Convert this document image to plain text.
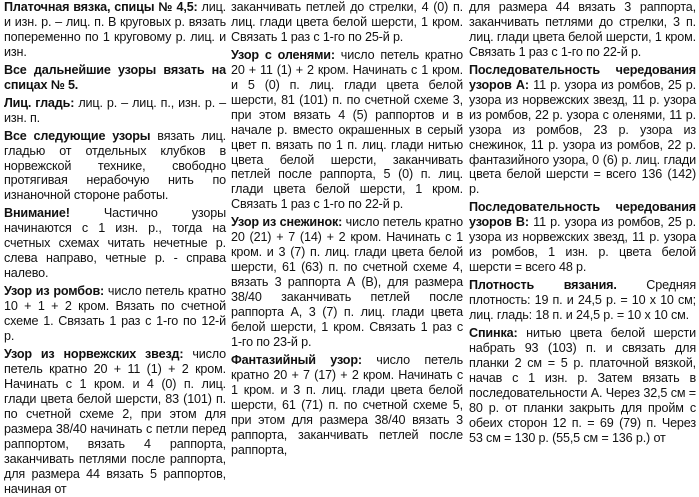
Платочная вязка, спицы № 4,5: лиц. и изн. р. – лиц. п. В круговых р. вязать попеременно по 1 круговому р. лиц. и изн.
Все дальнейшие узоры вязать на спицах № 5.
Лиц. гладь: лиц. р. – лиц. п., изн. р. – изн. п.
Все следующие узоры вязать лиц. гладью от отдельных клубков в норвежской технике, свободно протягивая нерабочую нить по изнаночной стороне работы.
Внимание! Частично узоры начинаются с 1 изн. р., тогда на счетных схемах читать нечетные р. слева направо, четные р. - справа налево.
Узор из ромбов: число петель кратно 10 + 1 + 2 кром. Вязать по счетной схеме 1. Связать 1 раз с 1-го по 12-й р.
Узор из норвежских звезд: число петель кратно 20 + 11 (1) + 2 кром. Начинать с 1 кром. и 4 (0) п. лиц. глади цвета белой шерсти, 83 (101) п. по счетной схеме 2, при этом для размера 38/40 начинать с петли перед раппортом, вязать 4 раппорта, заканчивать петлями после раппорта, для размера 44 вязать 5 раппортов, начиная от
заканчивать петлей до стрелки, 4 (0) п. лиц. глади цвета белой шерсти, 1 кром. Связать 1 раз с 1-го по 25-й р.
Узор с оленями: число петель кратно 20 + 11 (1) + 2 кром. Начинать с 1 кром. и 5 (0) п. лиц. глади цвета белой шерсти, 81 (101) п. по счетной схеме 3, при этом вязать 4 (5) раппортов и в начале р. вместо окрашенных в серый цвет п. вязать по 1 п. лиц. глади нитью цвета белой шерсти, заканчивать петлей после раппорта, 5 (0) п. лиц. глади цвета белой шерсти, 1 кром. Связать 1 раз с 1-го по 22-й р.
Узор из снежинок: число петель кратно 20 (21) + 7 (14) + 2 кром. Начинать с 1 кром. и 3 (7) п. лиц. глади цвета белой шерсти, 61 (63) п. по счетной схеме 4, вязать 3 раппорта А (В), для размера 38/40 заканчивать петлей после раппорта А, 3 (7) п. лиц. глади цвета белой шерсти, 1 кром. Связать 1 раз с 1-го по 23-й р.
Фантазийный узор: число петель кратно 20 + 7 (17) + 2 кром. Начинать с 1 кром. и 3 п. лиц. глади цвета белой шерсти, 61 (71) п. по счетной схеме 5, при этом для размера 38/40 вязать 3 раппорта, заканчивать петлей после раппорта,
для размера 44 вязать 3 раппорта, заканчивать петлями до стрелки, 3 п. лиц. глади цвета белой шерсти, 1 кром. Связать 1 раз с 1-го по 22-й р.
Последовательность чередования узоров А: 11 р. узора из ромбов, 25 р. узора из норвежских звезд, 11 р. узора из ромбов, 22 р. узора с оленями, 11 р. узора из ромбов, 23 р. узора из снежинок, 11 р. узора из ромбов, 22 р. фантазийного узора, 0 (6) р. лиц. глади цвета белой шерсти = всего 136 (142) р.
Последовательность чередования узоров В: 11 р. узора из ромбов, 25 р. узора из норвежских звезд, 11 р. узора из ромбов, 1 изн. р. цвета белой шерсти = всего 48 р.
Плотность вязания. Средняя плотность: 19 п. и 24,5 р. = 10 х 10 см; лиц. гладь: 18 п. и 24,5 р. = 10 х 10 см.
Спинка: нитью цвета белой шерсти набрать 93 (103) п. и связать для планки 2 см = 5 р. платочной вязкой, начав с 1 изн. р. Затем вязать в последовательности А. Через 32,5 см = 80 р. от планки закрыть для пройм с обеих сторон 12 п. = 69 (79) п. Через 53 см = 130 р. (55,5 см = 136 р.) от
